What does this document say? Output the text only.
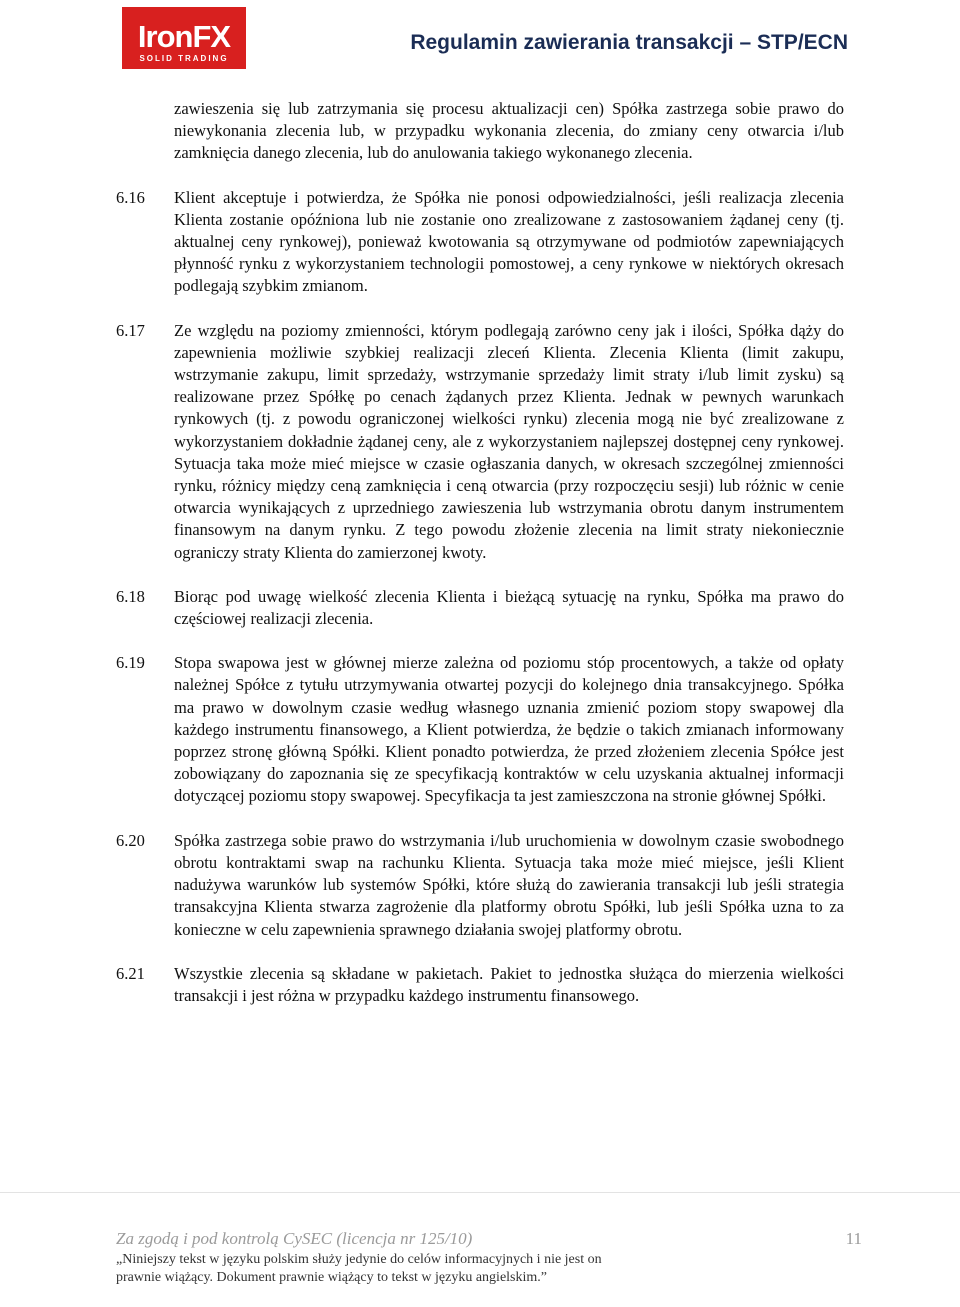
IronFX
SOLID TRADING
Regulamin zawierania transakcji – STP/ECN

zawieszenia się lub zatrzymania się procesu aktualizacji cen) Spółka zastrzega sobie prawo do niewykonania zlecenia lub, w przypadku wykonania zlecenia, do zmiany ceny otwarcia i/lub zamknięcia danego zlecenia, lub do anulowania takiego wykonanego zlecenia.

6.16	Klient akceptuje i potwierdza, że Spółka nie ponosi odpowiedzialności, jeśli realizacja zlecenia Klienta zostanie opóźniona lub nie zostanie ono zrealizowane z zastosowaniem żądanej ceny (tj. aktualnej ceny rynkowej), ponieważ kwotowania są otrzymywane od podmiotów zapewniających płynność rynku z wykorzystaniem technologii pomostowej, a ceny rynkowe w niektórych okresach podlegają szybkim zmianom.

6.17	Ze względu na poziomy zmienności, którym podlegają zarówno ceny jak i ilości, Spółka dąży do zapewnienia możliwie szybkiej realizacji zleceń Klienta. Zlecenia Klienta (limit zakupu, wstrzymanie zakupu, limit sprzedaży, wstrzymanie sprzedaży limit straty i/lub limit zysku) są realizowane przez Spółkę po cenach żądanych przez Klienta. Jednak w pewnych warunkach rynkowych (tj. z powodu ograniczonej wielkości rynku) zlecenia mogą nie być zrealizowane z wykorzystaniem dokładnie żądanej ceny, ale z wykorzystaniem najlepszej dostępnej ceny rynkowej. Sytuacja taka może mieć miejsce w czasie ogłaszania danych, w okresach szczególnej zmienności rynku, różnicy między ceną zamknięcia i ceną otwarcia (przy rozpoczęciu sesji) lub różnic w cenie otwarcia wynikających z uprzedniego zawieszenia lub wstrzymania obrotu danym instrumentem finansowym na danym rynku. Z tego powodu złożenie zlecenia na limit straty niekoniecznie ograniczy straty Klienta do zamierzonej kwoty.

6.18	Biorąc pod uwagę wielkość zlecenia Klienta i bieżącą sytuację na rynku, Spółka ma prawo do częściowej realizacji zlecenia.

6.19	Stopa swapowa jest w głównej mierze zależna od poziomu stóp procentowych, a także od opłaty należnej Spółce z tytułu utrzymywania otwartej pozycji do kolejnego dnia transakcyjnego. Spółka ma prawo w dowolnym czasie według własnego uznania zmienić poziom stopy swapowej dla każdego instrumentu finansowego, a Klient potwierdza, że będzie o takich zmianach informowany poprzez stronę główną Spółki. Klient ponadto potwierdza, że przed złożeniem zlecenia Spółce jest zobowiązany do zapoznania się ze specyfikacją kontraktów w celu uzyskania aktualnej informacji dotyczącej poziomu stopy swapowej. Specyfikacja ta jest zamieszczona na stronie głównej Spółki.

6.20	Spółka zastrzega sobie prawo do wstrzymania i/lub uruchomienia w dowolnym czasie swobodnego obrotu kontraktami swap na rachunku Klienta. Sytuacja taka może mieć miejsce, jeśli Klient nadużywa warunków lub systemów Spółki, które służą do zawierania transakcji lub jeśli strategia transakcyjna Klienta stwarza zagrożenie dla platformy obrotu Spółki, lub jeśli Spółka uzna to za konieczne w celu zapewnienia sprawnego działania swojej platformy obrotu.

6.21	Wszystkie zlecenia są składane w pakietach. Pakiet to jednostka służąca do mierzenia wielkości transakcji i jest różna w przypadku każdego instrumentu finansowego.

Za zgodą i pod kontrolą CySEC (licencja nr 125/10)

„Niniejszy tekst w języku polskim służy jedynie do celów informacyjnych i nie jest on prawnie wiążący. Dokument prawnie wiążący to tekst w języku angielskim.”

11
